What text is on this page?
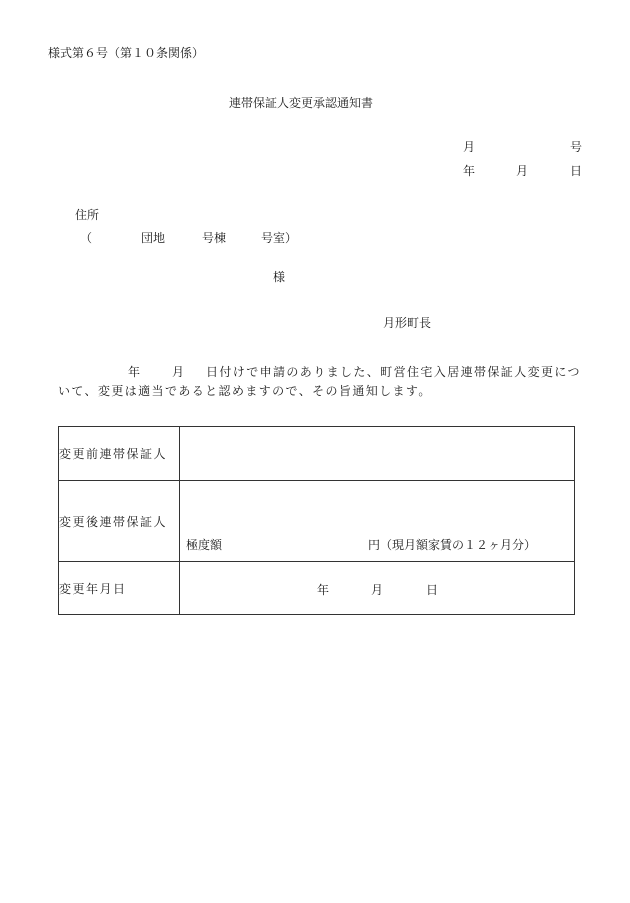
様式第６号（第１０条関係）
連帯保証人変更承認通知書
月	号
年	月	日
住所
（	団地	号棟	号室）
様
月形町長
年	月 日付けで申請のありました、町営住宅入居連帯保証人変更につ
いて、変更は適当であると認めますので、その旨通知します。
変更前連帯保証人	
変更後連帯保証人	極度額 円（現月額家賃の１２ヶ月分）

変更年月日	年 月 日
